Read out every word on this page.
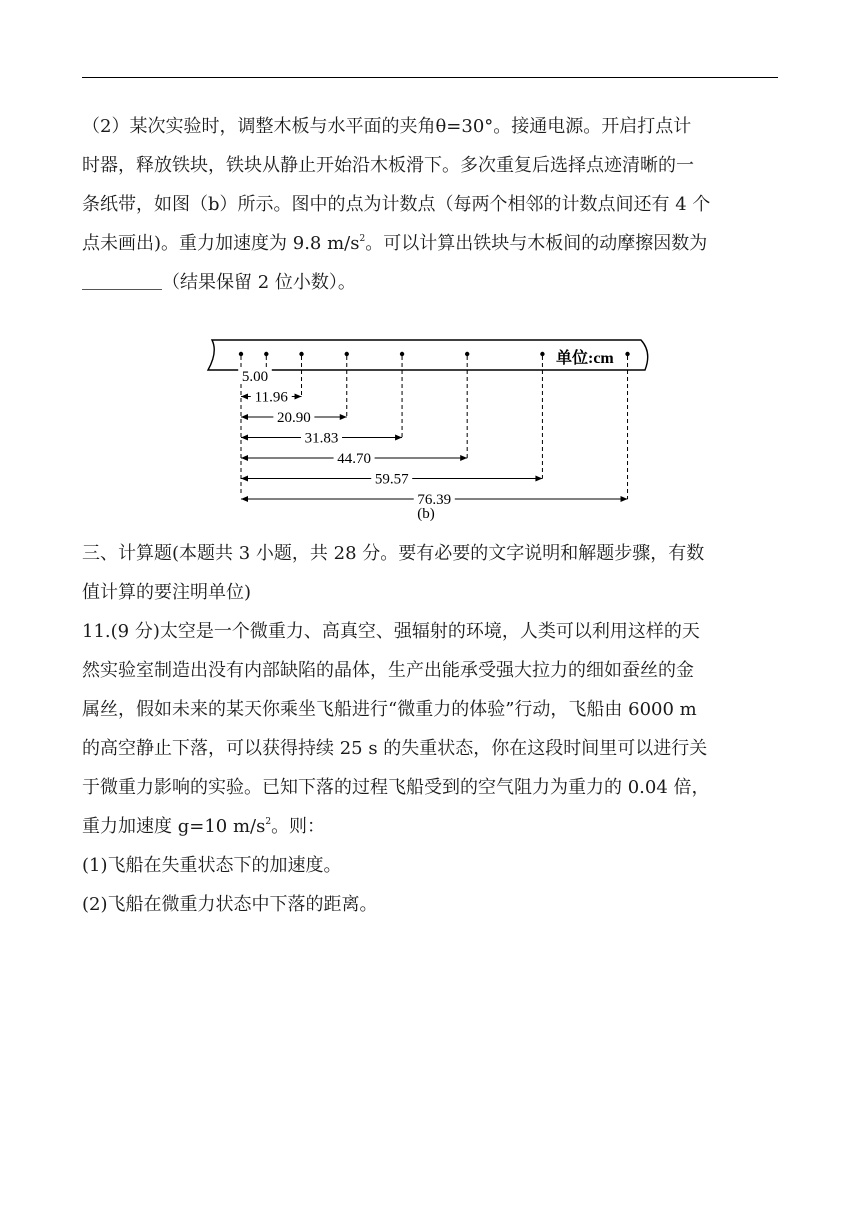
（2）某次实验时，调整木板与水平面的夹角θ=30°。接通电源。开启打点计

时器，释放铁块，铁块从静止开始沿木板滑下。多次重复后选择点迹清晰的一

条纸带，如图（b）所示。图中的点为计数点（每两个相邻的计数点间还有 4 个

点未画出)。重力加速度为 9.8 $m/s^2$。可以计算出铁块与木板间的动摩擦因数为

（结果保留 2 位小数）。

单位:cm
5.00
11.96
20.90
31.83
44.70
59.57
76.39
(b)

三、计算题(本题共 3 小题，共 28 分。要有必要的文字说明和解题步骤，有数

值计算的要注明单位)

11.(9 分)太空是一个微重力、高真空、强辐射的环境，人类可以利用这样的天

然实验室制造出没有内部缺陷的晶体，生产出能承受强大拉力的细如蚕丝的金

属丝，假如未来的某天你乘坐飞船进行“微重力的体验”行动，飞船由 6000 m

的高空静止下落，可以获得持续 25 s 的失重状态，你在这段时间里可以进行关

于微重力影响的实验。已知下落的过程飞船受到的空气阻力为重力的 0.04 倍，

重力加速度 g=10 $m/s^2$。则：

(1)飞船在失重状态下的加速度。

(2)飞船在微重力状态中下落的距离。
